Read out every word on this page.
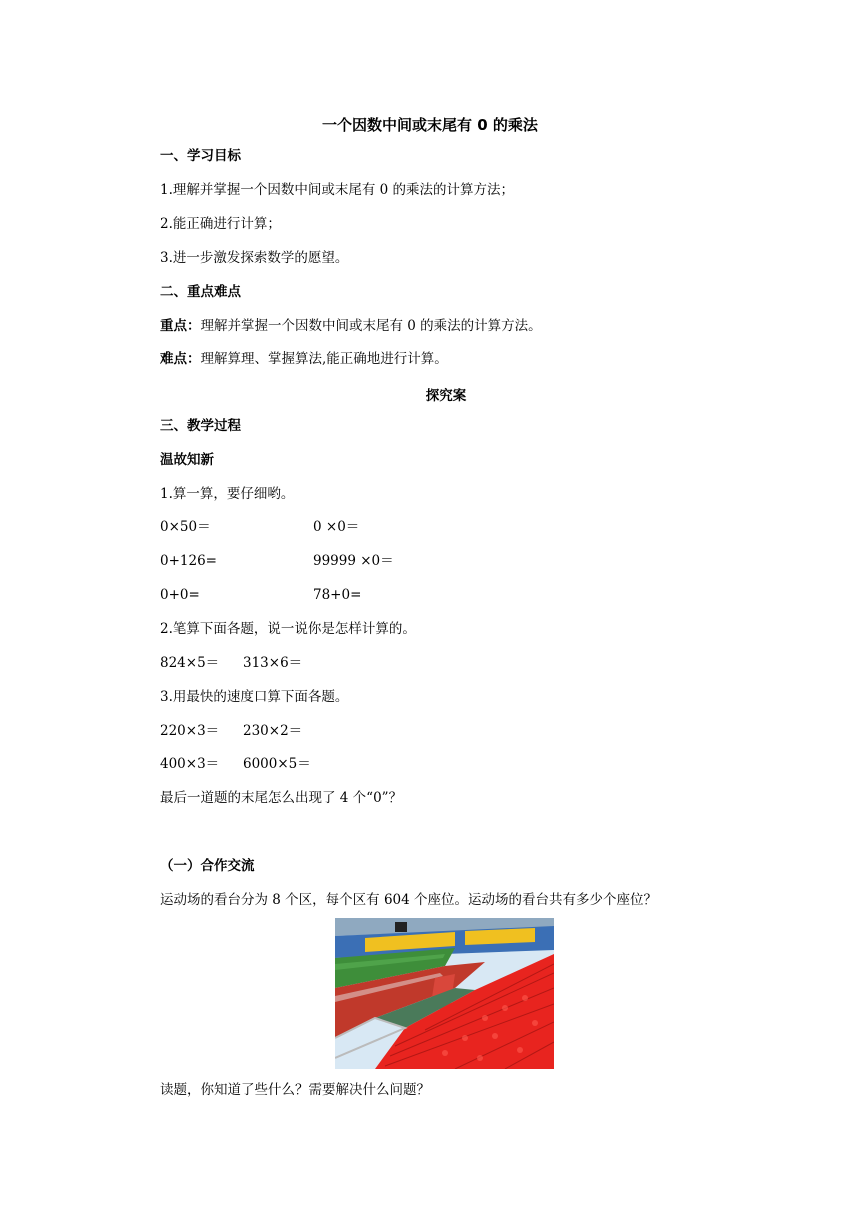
一个因数中间或末尾有 0 的乘法
一、学习目标
1.理解并掌握一个因数中间或末尾有 0 的乘法的计算方法；
2.能正确进行计算；
3.进一步激发探索数学的愿望。
二、重点难点
重点：理解并掌握一个因数中间或末尾有 0 的乘法的计算方法。
难点：理解算理、掌握算法,能正确地进行计算。
探究案
三、教学过程
温故知新
1.算一算，要仔细哟。
0×50＝	0 ×0＝
0+126=	99999 ×0＝
0+0=	78+0=
2.笔算下面各题，说一说你是怎样计算的。
824×5＝ 313×6＝
3.用最快的速度口算下面各题。
220×3＝ 230×2＝
400×3＝ 6000×5＝
最后一道题的末尾怎么出现了 4 个“0”？
（一）合作交流
运动场的看台分为 8 个区，每个区有 604 个座位。运动场的看台共有多少个座位？
读题，你知道了些什么？需要解决什么问题？
